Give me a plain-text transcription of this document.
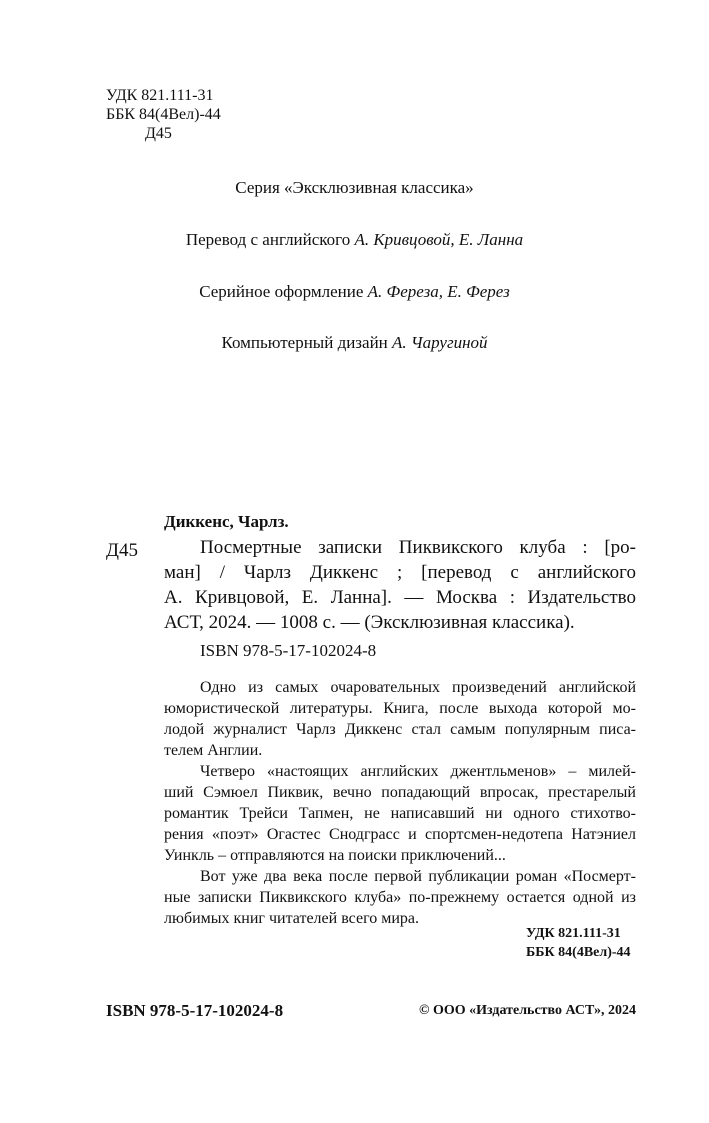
УДК 821.111-31
ББК 84(4Вел)-44
Д45
Серия «Эксклюзивная классика»
Перевод с английского А. Кривцовой, Е. Ланна
Серийное оформление А. Фереза, Е. Ферез
Компьютерный дизайн А. Чаругиной
Диккенс, Чарлз.
Д45	Посмертные записки Пиквикского клуба : [ро-
ман] / Чарлз Диккенс ; [перевод с английского
А. Кривцовой, Е. Ланна]. — Москва : Издательство
АСТ, 2024. — 1008 с. — (Эксклюзивная классика).
ISBN 978-5-17-102024-8
Одно из самых очаровательных произведений английской
юмористической литературы. Книга, после выхода которой мо-
лодой журналист Чарлз Диккенс стал самым популярным писа-
телем Англии.
Четверо «настоящих английских джентльменов» – милей-
ший Сэмюел Пиквик, вечно попадающий впросак, престарелый
романтик Трейси Тапмен, не написавший ни одного стихотво-
рения «поэт» Огастес Снодграсс и спортсмен-недотепа Натэниел
Уинкль – отправляются на поиски приключений...
Вот уже два века после первой публикации роман «Посмерт-
ные записки Пиквикского клуба» по-прежнему остается одной из
любимых книг читателей всего мира.
УДК 821.111-31
ББК 84(4Вел)-44
ISBN 978-5-17-102024-8	© ООО «Издательство АСТ», 2024
